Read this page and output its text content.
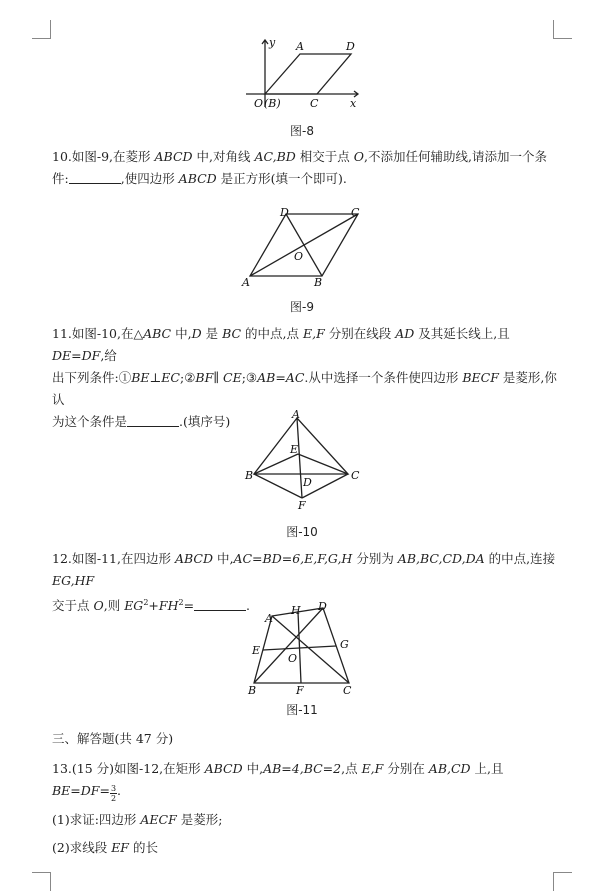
y A	D
O (B)	C	x
图-8
10.如图-9,在菱形 ABCD 中,对角线 AC,BD 相交于点 O,不添加任何辅助线,请添加一个条
件:	,使四边形 ABCD 是正方形(填一个即可).
D	C
O
A	B
图-9
11.如图-10,在△ABC 中,D 是 BC 的中点,点 E,F 分别在线段 AD 及其延长线上,且 DE=DF,给
出下列条件:①BE⊥EC;②BF∥ CE;③AB=AC.从中选择一个条件使四边形 BECF 是菱形,你认
为这个条件是	.(填序号)	A
E
B
D
C
F
图-10
12.如图-11,在四边形 ABCD 中,AC=BD=6,E,F,G,H 分别为 AB,BC,CD,DA 的中点,连接 EG,HF
交于点 O,则 $EG^2+FH^2=$	.
A
H D
G
E
O
B	F	C
图-11
三、解答题(共 47 分)
13.(15 分)如图-12,在矩形 ABCD 中,AB=4,BC=2,点 E,F 分别在 AB,CD 上,且 $BE=DF= \frac{3}{2}$ .
(1)求证:四边形 AECF 是菱形;
(2)求线段 EF 的长
